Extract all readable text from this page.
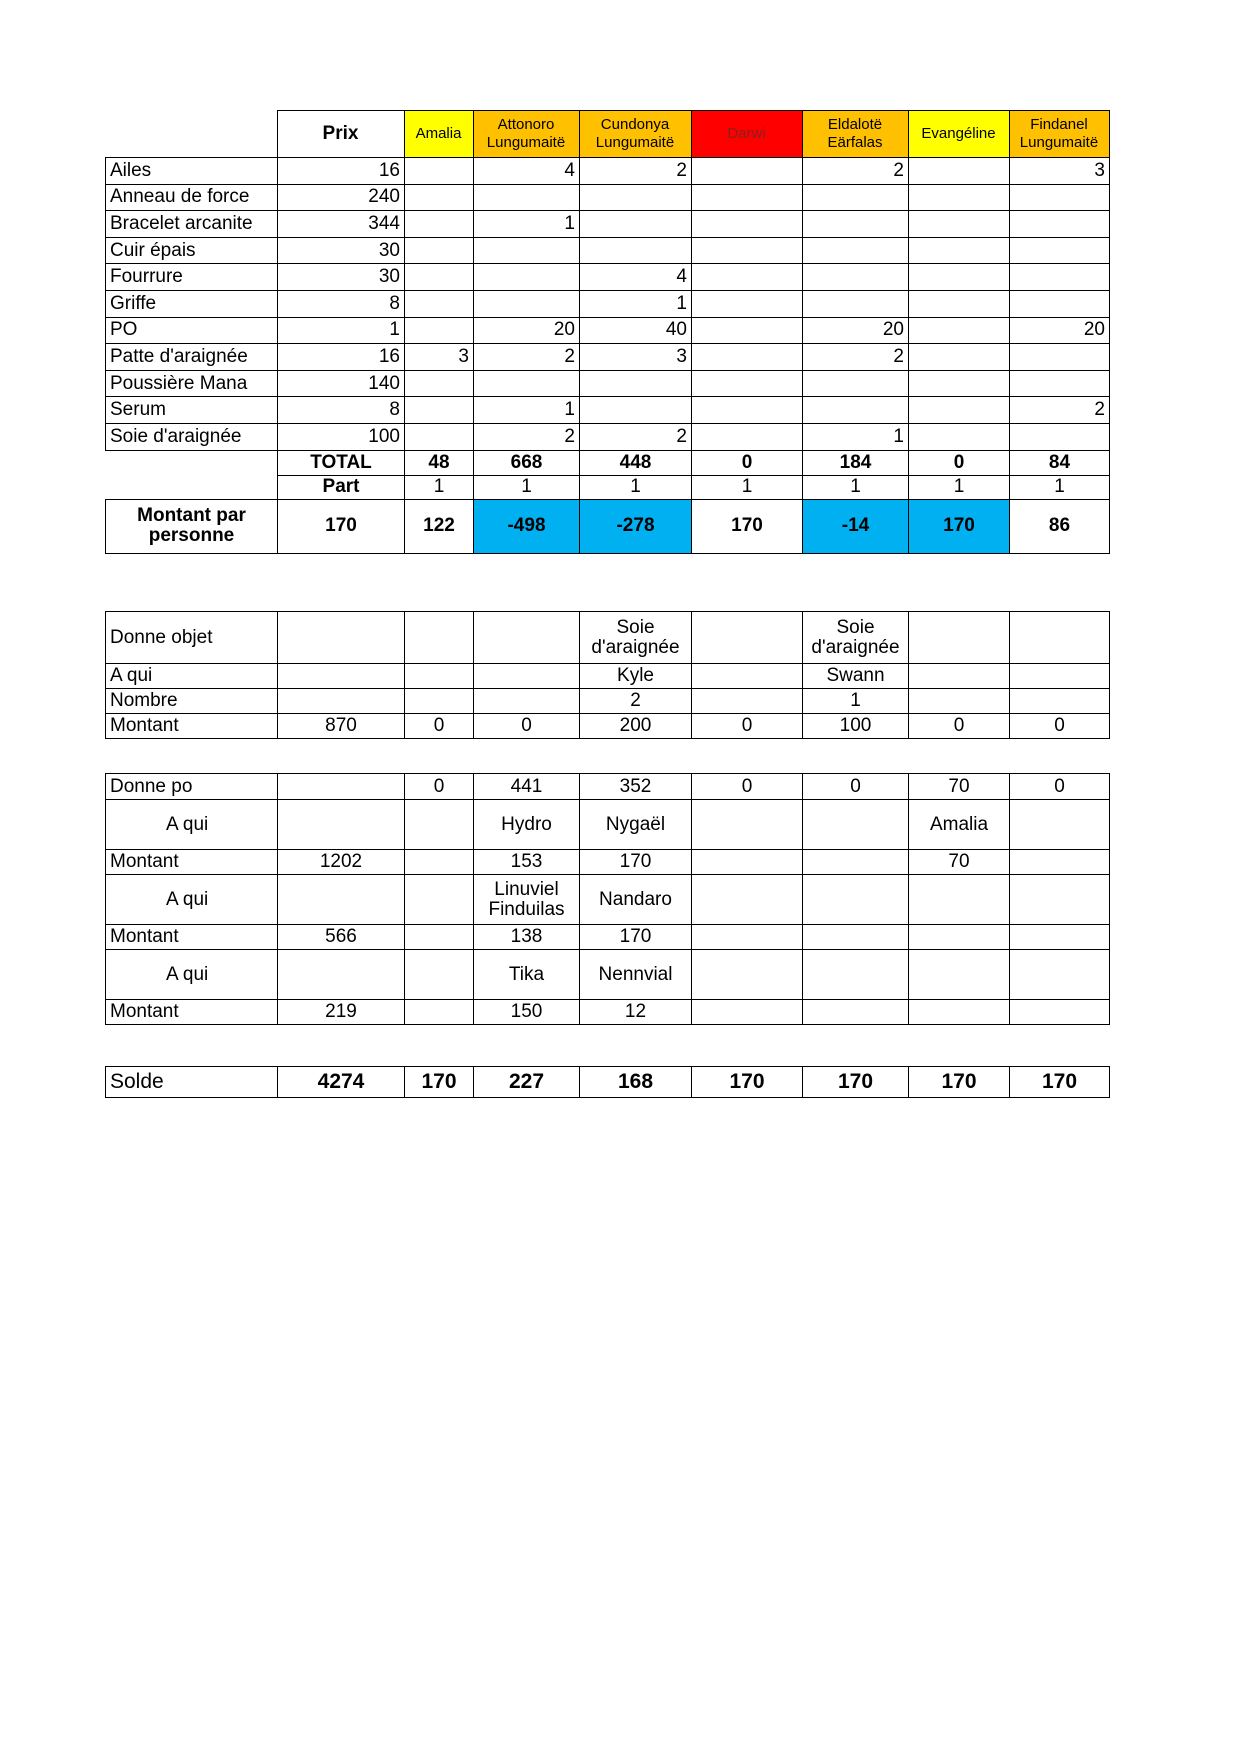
	Prix	Amalia	Attonoro Lungumaitë	Cundonya Lungumaitë	Darwi	Eldalotë Eärfalas	Evangéline	Findanel Lungumaitë
Ailes	16		4	2		2		3
Anneau de force	240							
Bracelet arcanite	344		1					
Cuir épais	30							
Fourrure	30			4				
Griffe	8			1				
PO	1		20	40		20		20
Patte d'araignée	16	3	2	3		2		
Poussière Mana	140							
Serum	8		1					2
Soie d'araignée	100		2	2		1		
	TOTAL	48	668	448	0	184	0	84
	Part	1	1	1	1	1	1	1
Montant par personne	170	122	-498	-278	170	-14	170	86
Donne objet				Soie d'araignée		Soie d'araignée		
A qui				Kyle		Swann		
Nombre				2		1		
Montant	870	0	0	200	0	100	0	0
Donne po		0	441	352	0	0	70	0
A qui			Hydro	Nygaël			Amalia	
Montant	1202		153	170			70	
A qui			Linuviel Finduilas	Nandaro				
Montant	566		138	170				
A qui			Tika	Nennvial				
Montant	219		150	12				
Solde	4274	170	227	168	170	170	170	170
